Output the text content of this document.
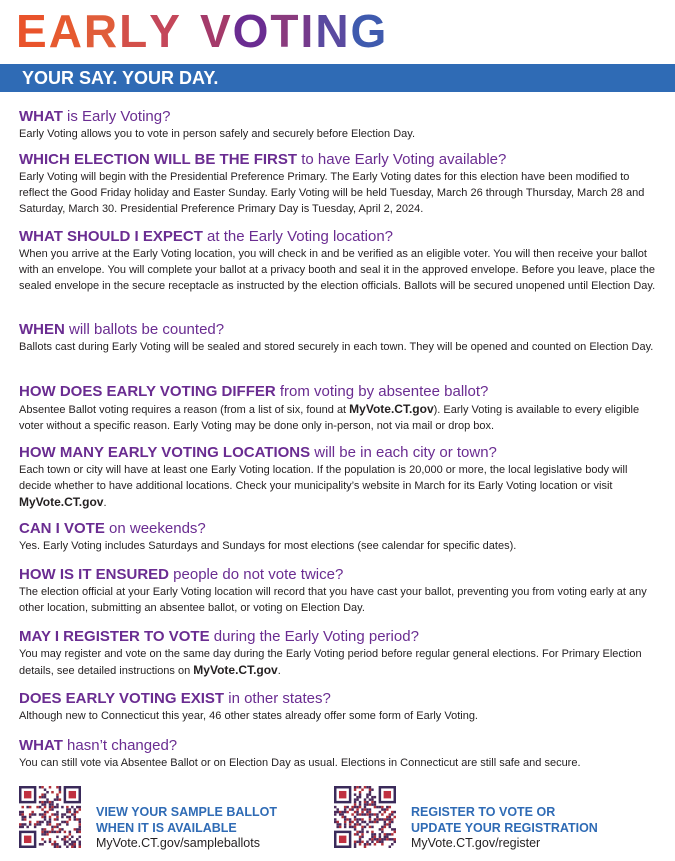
EARLY VOTING
YOUR SAY. YOUR DAY.
WHAT is Early Voting?
Early Voting allows you to vote in person safely and securely before Election Day.
WHICH ELECTION WILL BE THE FIRST to have Early Voting available?
Early Voting will begin with the Presidential Preference Primary. The Early Voting dates for this election have been modified to reflect the Good Friday holiday and Easter Sunday. Early Voting will be held Tuesday, March 26 through Thursday, March 28 and Saturday, March 30. Presidential Preference Primary Day is Tuesday, April 2, 2024.
WHAT SHOULD I EXPECT at the Early Voting location?
When you arrive at the Early Voting location, you will check in and be verified as an eligible voter. You will then receive your ballot with an envelope. You will complete your ballot at a privacy booth and seal it in the approved envelope. Before you leave, place the sealed envelope in the secure receptacle as instructed by the election officials. Ballots will be secured unopened until Election Day.
WHEN will ballots be counted?
Ballots cast during Early Voting will be sealed and stored securely in each town. They will be opened and counted on Election Day.
HOW DOES EARLY VOTING DIFFER from voting by absentee ballot?
Absentee Ballot voting requires a reason (from a list of six, found at MyVote.CT.gov). Early Voting is available to every eligible voter without a specific reason. Early Voting may be done only in-person, not via mail or drop box.
HOW MANY EARLY VOTING LOCATIONS will be in each city or town?
Each town or city will have at least one Early Voting location. If the population is 20,000 or more, the local legislative body will decide whether to have additional locations. Check your municipality’s website in March for its Early Voting location or visit MyVote.CT.gov.
CAN I VOTE on weekends?
Yes. Early Voting includes Saturdays and Sundays for most elections (see calendar for specific dates).
HOW IS IT ENSURED people do not vote twice?
The election official at your Early Voting location will record that you have cast your ballot, preventing you from voting early at any other location, submitting an absentee ballot, or voting on Election Day.
MAY I REGISTER TO VOTE during the Early Voting period?
You may register and vote on the same day during the Early Voting period before regular general elections. For Primary Election details, see detailed instructions on MyVote.CT.gov.
DOES EARLY VOTING EXIST in other states?
Although new to Connecticut this year, 46 other states already offer some form of Early Voting.
WHAT hasn’t changed?
You can still vote via Absentee Ballot or on Election Day as usual. Elections in Connecticut are still safe and secure.
VIEW YOUR SAMPLE BALLOT
WHEN IT IS AVAILABLE
MyVote.CT.gov/sampleballots
REGISTER TO VOTE OR
UPDATE YOUR REGISTRATION
MyVote.CT.gov/register
